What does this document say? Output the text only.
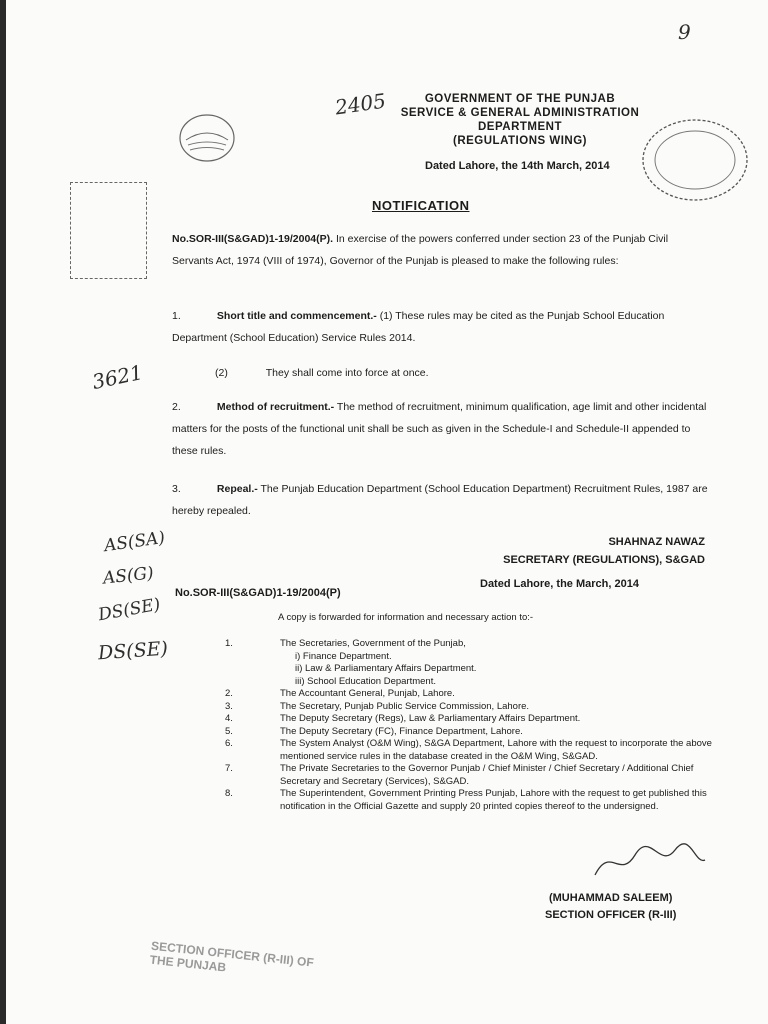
9
2405	GOVERNMENT OF THE PUNJAB
SERVICE & GENERAL ADMINISTRATION
DEPARTMENT
(REGULATIONS WING)
Dated Lahore, the 14th March, 2014
NOTIFICATION
No.SOR-III(S&GAD)1-19/2004(P). In exercise of the powers conferred under section 23 of the Punjab Civil Servants Act, 1974 (VIII of 1974), Governor of the Punjab is pleased to make the following rules:
1.	Short title and commencement.- (1) These rules may be cited as the Punjab School Education Department (School Education) Service Rules 2014.
(2)	They shall come into force at once.
2.	Method of recruitment.- The method of recruitment, minimum qualification, age limit and other incidental matters for the posts of the functional unit shall be such as given in the Schedule-I and Schedule-II appended to these rules.
3.	Repeal.- The Punjab Education Department (School Education Department) Recruitment Rules, 1987 are hereby repealed.
SHAHNAZ NAWAZ
SECRETARY (REGULATIONS), S&GAD
No.SOR-III(S&GAD)1-19/2004(P)
Dated Lahore, the March, 2014
A copy is forwarded for information and necessary action to:-
1.	The Secretaries, Government of the Punjab,
i) Finance Department.
ii) Law & Parliamentary Affairs Department.
iii) School Education Department.
2.	The Accountant General, Punjab, Lahore.
3.	The Secretary, Punjab Public Service Commission, Lahore.
4.	The Deputy Secretary (Regs), Law & Parliamentary Affairs Department.
5.	The Deputy Secretary (FC), Finance Department, Lahore.
6.	The System Analyst (O&M Wing), S&GA Department, Lahore with the request to incorporate the above mentioned service rules in the database created in the O&M Wing, S&GAD.
7.	The Private Secretaries to the Governor Punjab / Chief Minister / Chief Secretary / Additional Chief Secretary and Secretary (Services), S&GAD.
8.	The Superintendent, Government Printing Press Punjab, Lahore with the request to get published this notification in the Official Gazette and supply 20 printed copies thereof to the undersigned.
3621
AS(SA)
AS(G)
DS(SE)
DS(SE)
(MUHAMMAD SALEEM)
SECTION OFFICER (R-III)
SECTION OFFICER (R-III) OF THE PUNJAB
